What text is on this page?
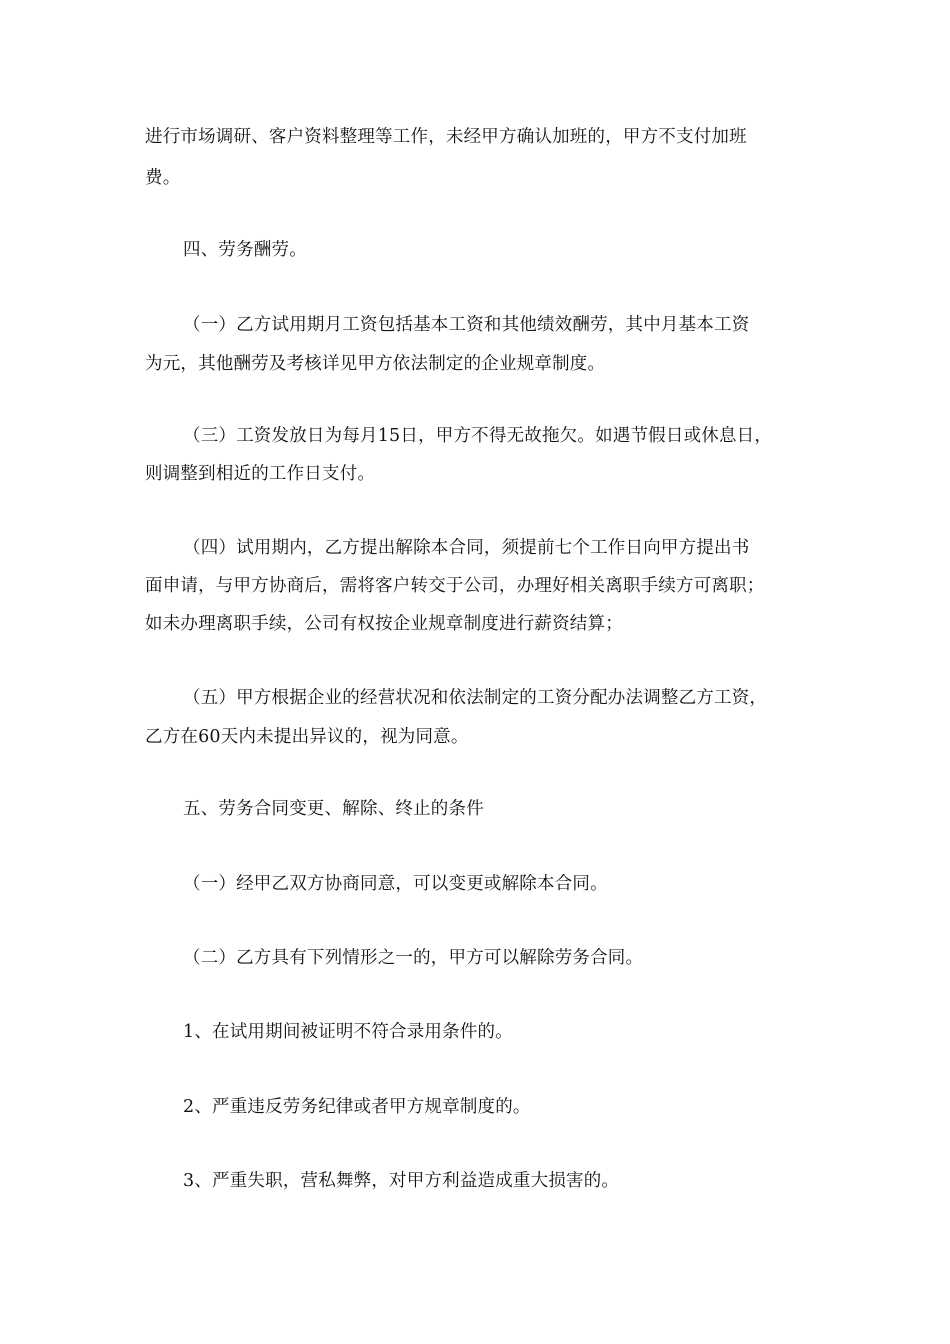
进行市场调研、客户资料整理等工作，未经甲方确认加班的，甲方不支付加班
费。
四、劳务酬劳。
（一）乙方试用期月工资包括基本工资和其他绩效酬劳，其中月基本工资
为元，其他酬劳及考核详见甲方依法制定的企业规章制度。
（三）工资发放日为每月15日，甲方不得无故拖欠。如遇节假日或休息日，
则调整到相近的工作日支付。
（四）试用期内，乙方提出解除本合同，须提前七个工作日向甲方提出书
面申请，与甲方协商后，需将客户转交于公司，办理好相关离职手续方可离职；
如未办理离职手续，公司有权按企业规章制度进行薪资结算；
（五）甲方根据企业的经营状况和依法制定的工资分配办法调整乙方工资，
乙方在60天内未提出异议的，视为同意。
五、劳务合同变更、解除、终止的条件
（一）经甲乙双方协商同意，可以变更或解除本合同。
（二）乙方具有下列情形之一的，甲方可以解除劳务合同。
1、在试用期间被证明不符合录用条件的。
2、严重违反劳务纪律或者甲方规章制度的。
3、严重失职，营私舞弊，对甲方利益造成重大损害的。
